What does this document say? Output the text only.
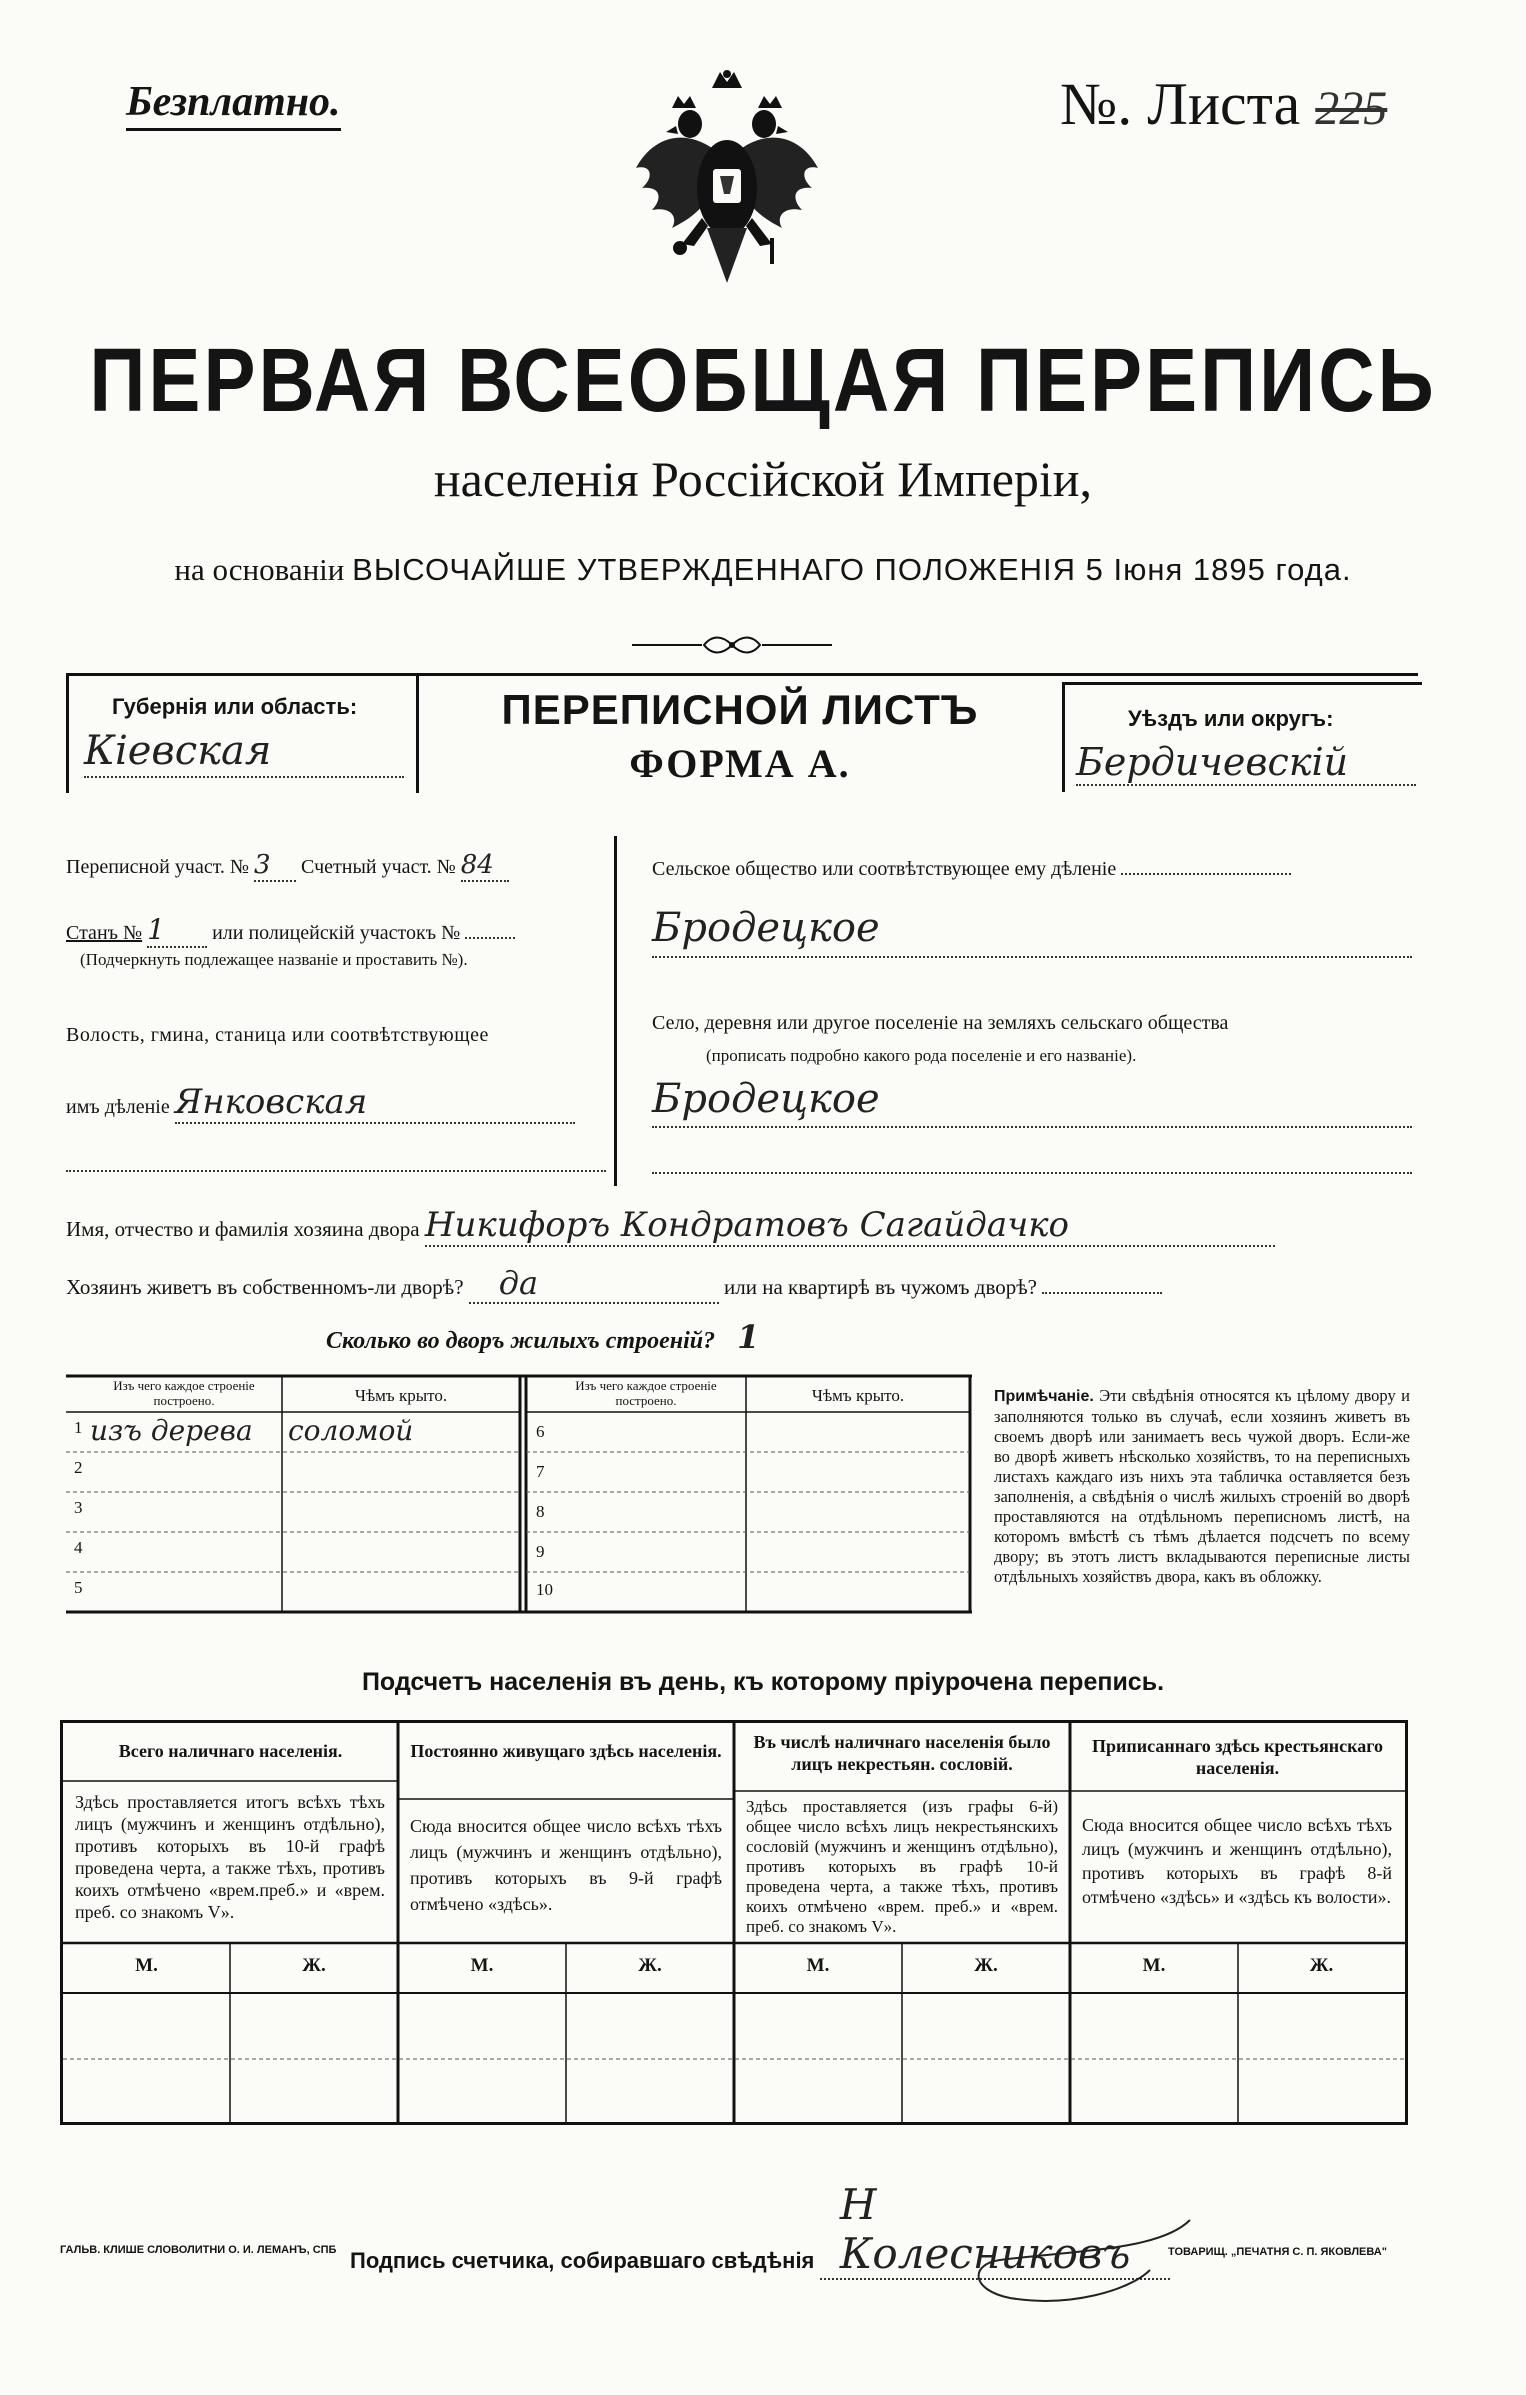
Безплатно.	№. Листа 225
ПЕРВАЯ ВСЕОБЩАЯ ПЕРЕПИСЬ
населенія Россійской Имперіи,
на основаніи ВЫСОЧАЙШЕ УТВЕРЖДЕННАГО ПОЛОЖЕНІЯ 5 Іюня 1895 года.
Губернія или область:
Кіевская
ПЕРЕПИСНОЙ ЛИСТЪ
ФОРМА А.
Уѣздъ или округъ:
Бердичевскій
Переписной участ. № 3 Счетный участ. № 84
Станъ № 1 или полицейскій участокъ №
(Подчеркнуть подлежащее названіе и проставить №).
Волость, гмина, станица или соотвѣтствующее
имъ дѣленіе Янковская
Сельское общество или соотвѣтствующее ему дѣленіе
Бродецкое
Село, деревня или другое поселеніе на земляхъ сельскаго общества
(прописать подробно какого рода поселеніе и его названіе).
Бродецкое
Имя, отчество и фамилія хозяина двора Никифоръ Кондратовъ Сагайдачко
Хозяинъ живетъ въ собственномъ-ли дворѣ? да	или на квартирѣ въ чужомъ дворѣ?
Сколько во дворъ жилыхъ строеній? 1
Изъ чего каждое строеніе построено.	Чѣмъ крыто.
Изъ чего каждое строеніе построено.	Чѣмъ крыто.
1 изъ дерева соломой
2
3
4
5
6
7
8
9
10
Примѣчаніе. Эти свѣдѣнія относятся къ цѣлому двору и заполняются только въ случаѣ, если хозяинъ живетъ въ своемъ дворѣ или занимаетъ весь чужой дворъ. Если-же во дворѣ живетъ нѣсколько хозяйствъ, то на переписныхъ листахъ каждаго изъ нихъ эта табличка оставляется безъ заполненія, а свѣдѣнія о числѣ жилыхъ строеній во дворѣ проставляются на отдѣльномъ переписномъ листѣ, на которомъ вмѣстѣ съ тѣмъ дѣлается подсчетъ по всему двору; въ этотъ листъ вкладываются переписные листы отдѣльныхъ хозяйствъ двора, какъ въ обложку.
Подсчетъ населенія въ день, къ которому пріурочена перепись.
Всего наличнаго населенія.
Здѣсь проставляется итогъ всѣхъ тѣхъ лицъ (мужчинъ и женщинъ отдѣльно), противъ которыхъ въ 10-й графѣ проведена черта, а также тѣхъ, противъ коихъ отмѣчено «врем.преб.» и «врем. преб. со знакомъ V».
М.	Ж.
Постоянно живущаго здѣсь населенія.
Сюда вносится общее число всѣхъ тѣхъ лицъ (мужчинъ и женщинъ отдѣльно), противъ которыхъ въ 9-й графѣ отмѣчено «здѣсь».
М.	Ж.
Въ числѣ наличнаго населенія было лицъ некрестьян. сословій.
Здѣсь проставляется (изъ графы 6-й) общее число всѣхъ лицъ некрестьянскихъ сословій (мужчинъ и женщинъ отдѣльно), противъ которыхъ въ графѣ 10-й проведена черта, а также тѣхъ, противъ коихъ отмѣчено «врем. преб.» и «врем. преб. со знакомъ V».
М.	Ж.
Приписаннаго здѣсь крестьянскаго населенія.
Сюда вносится общее число всѣхъ тѣхъ лицъ (мужчинъ и женщинъ отдѣльно), противъ которыхъ въ графѣ 8-й отмѣчено «здѣсь» и «здѣсь къ волости».
М.	Ж.
Подпись счетчика, собиравшаго свѣдѣнія Н Колесниковъ
ГАЛЬВ. КЛИШЕ СЛОВОЛИТНИ О. И. ЛЕМАНЪ, СПБ	ТОВАРИЩ. „ПЕЧАТНЯ С. П. ЯКОВЛЕВА"
